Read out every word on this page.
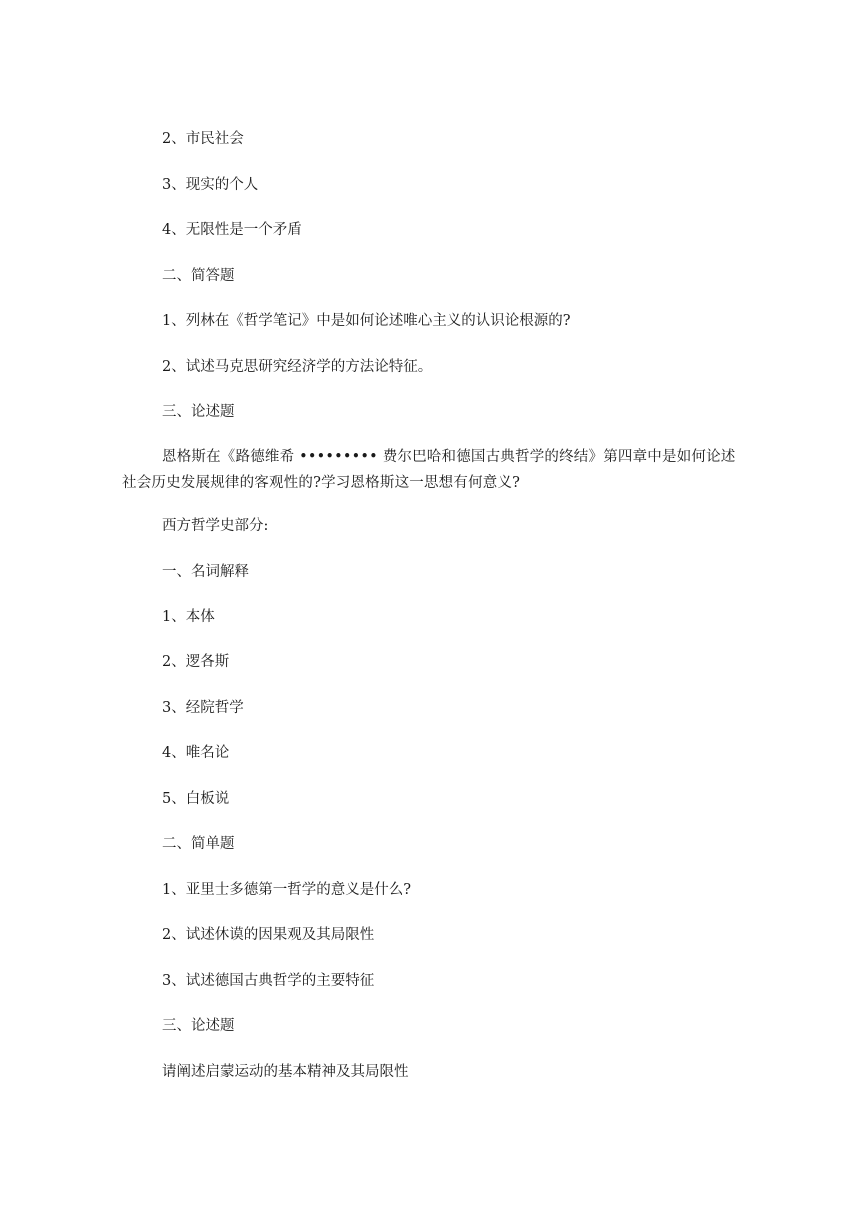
2、市民社会
3、现实的个人
4、无限性是一个矛盾
二、简答题
1、列林在《哲学笔记》中是如何论述唯心主义的认识论根源的?
2、试述马克思研究经济学的方法论特征。
三、论述题
恩格斯在《路德维希 ••••••••• 费尔巴哈和德国古典哲学的终结》第四章中是如何论述社会历史发展规律的客观性的?学习恩格斯这一思想有何意义?
西方哲学史部分:
一、名词解释
1、本体
2、逻各斯
3、经院哲学
4、唯名论
5、白板说
二、简单题
1、亚里士多德第一哲学的意义是什么?
2、试述休谟的因果观及其局限性
3、试述德国古典哲学的主要特征
三、论述题
请阐述启蒙运动的基本精神及其局限性
